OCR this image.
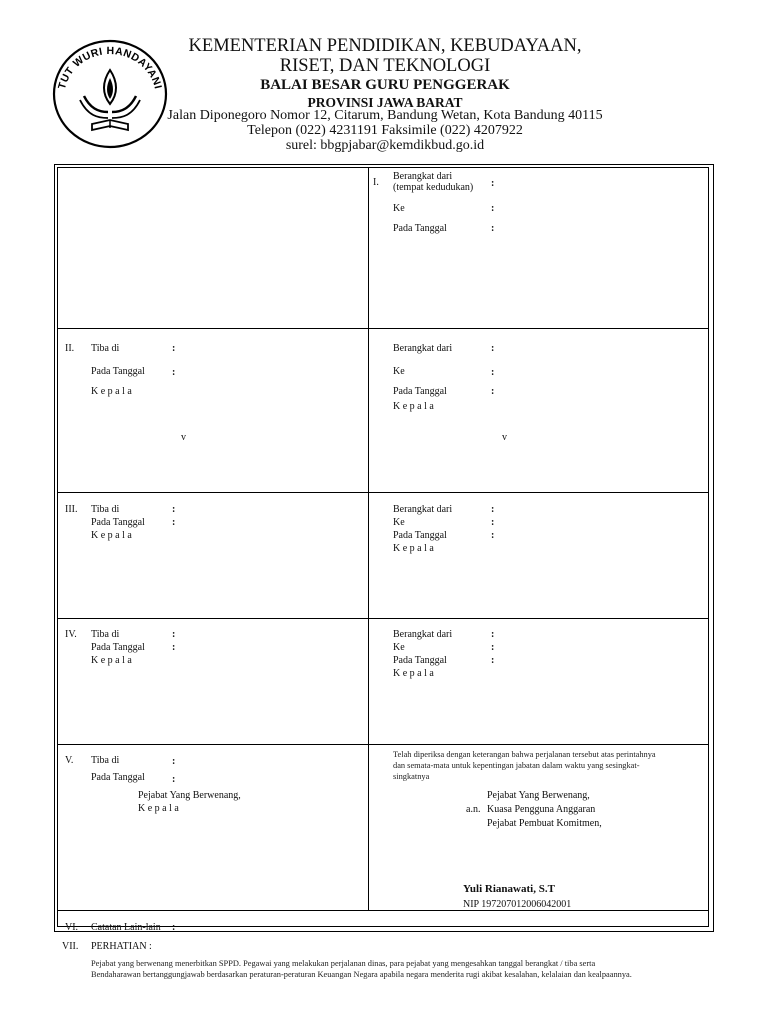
TUT WURI HANDAYANI
KEMENTERIAN PENDIDIKAN, KEBUDAYAAN,
RISET, DAN TEKNOLOGI
BALAI BESAR GURU PENGGERAK
PROVINSI JAWA BARAT
Jalan Diponegoro Nomor 12, Citarum, Bandung Wetan, Kota Bandung 40115
Telepon (022) 4231191 Faksimile (022) 4207922
surel: bbgpjabar@kemdikbud.go.id
I.
Berangkat dari
(tempat kedudukan) :
Ke	:
Pada Tanggal	:
II. Tiba di	:
Pada Tanggal	:
K e p a l a
v
Berangkat dari	:
Ke	:
Pada Tanggal	:
K e p a l a
v
III. Tiba di	:
Pada Tanggal	:
K e p a l a
Berangkat dari	:
Ke	:
Pada Tanggal	:
K e p a l a
IV. Tiba di	:
Pada Tanggal	:
K e p a l a
Berangkat dari	:
Ke	:
Pada Tanggal	:
K e p a l a
V. Tiba di	:
Pada Tanggal	:
Pejabat Yang Berwenang,
K e p a l a
Telah diperiksa dengan keterangan bahwa perjalanan tersebut atas perintahnya
dan semata-mata untuk kepentingan jabatan dalam waktu yang sesingkat-
singkatnya
Pejabat Yang Berwenang,
a.n. Kuasa Pengguna Anggaran
Pejabat Pembuat Komitmen,
Yuli Rianawati, S.T
NIP 197207012006042001
VI. Catatan Lain-lain :
VII. PERHATIAN :
Pejabat yang berwenang menerbitkan SPPD. Pegawai yang melakukan perjalanan dinas, para pejabat yang mengesahkan tanggal berangkat / tiba serta
Bendaharawan bertanggungjawab berdasarkan peraturan-peraturan Keuangan Negara apabila negara menderita rugi akibat kesalahan, kelalaian dan kealpaannya.
